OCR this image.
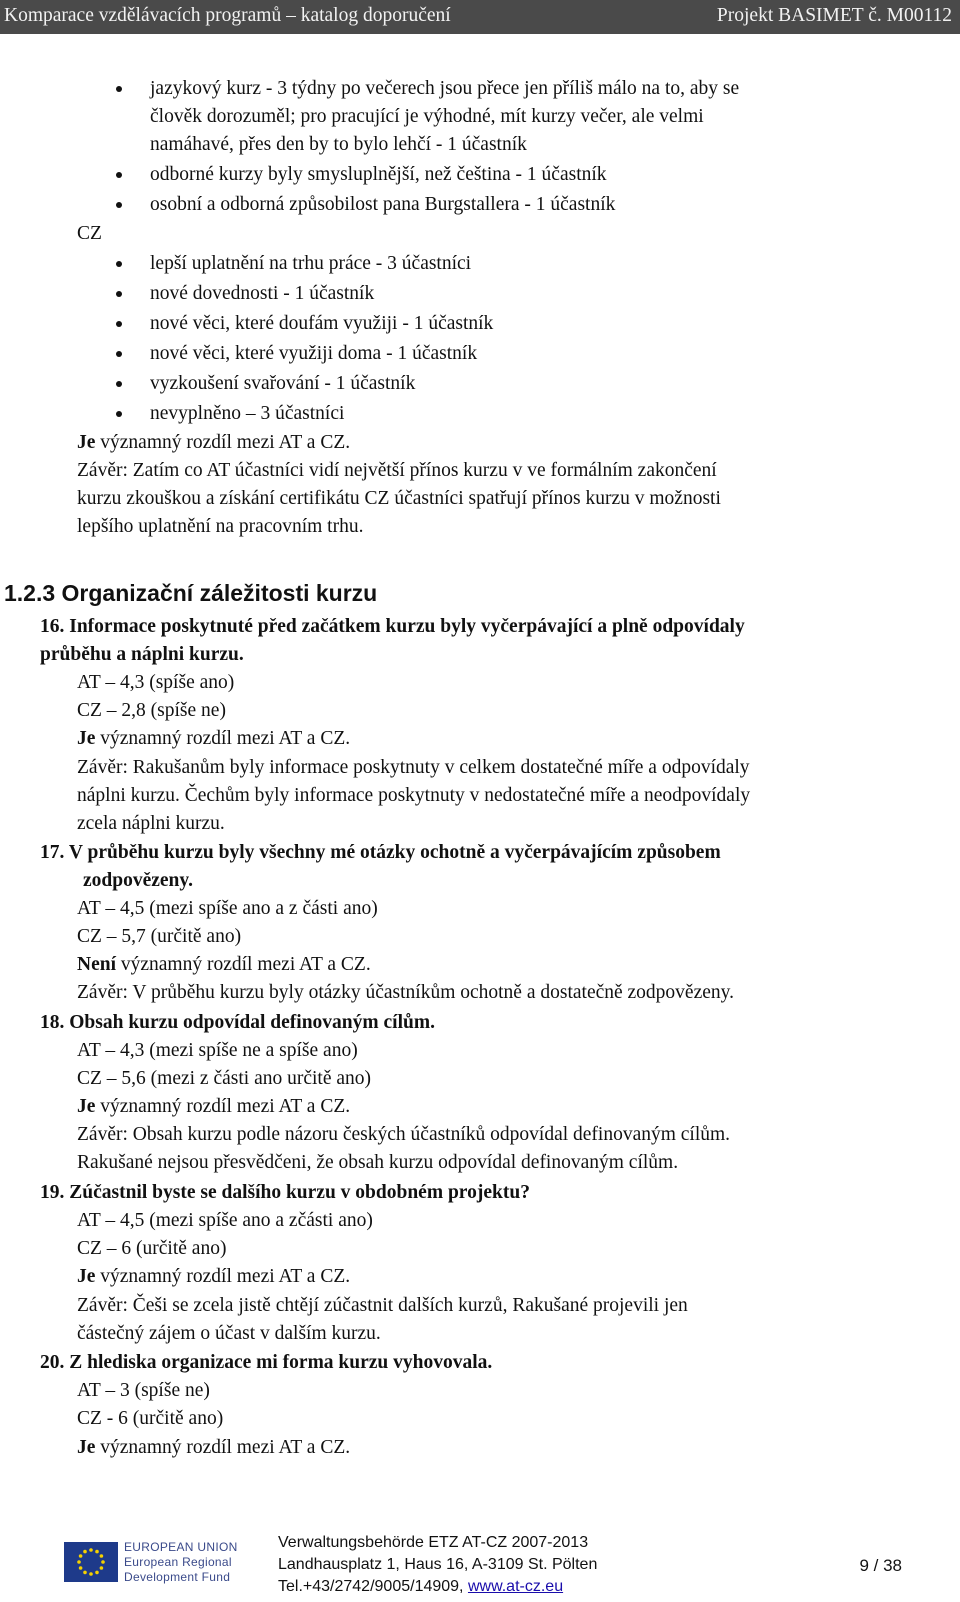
Komparace vzdělávacích programů – katalog doporučení	Projekt BASIMET č. M00112
jazykový kurz - 3 týdny po večerech jsou přece jen příliš málo na to, aby se
člověk dorozuměl; pro pracující je výhodné, mít kurzy večer, ale velmi
namáhavé, přes den by to bylo lehčí - 1 účastník
odborné kurzy byly smysluplnější, než čeština - 1 účastník
osobní a odborná způsobilost pana Burgstallera - 1 účastník
CZ
lepší uplatnění na trhu práce - 3 účastníci
nové dovednosti - 1 účastník
nové věci, které doufám využiji - 1 účastník
nové věci, které využiji doma - 1 účastník
vyzkoušení svařování - 1 účastník
nevyplněno – 3 účastníci
Je významný rozdíl mezi AT a CZ.
Závěr: Zatím co AT účastníci vidí největší přínos kurzu v ve formálním zakončení
kurzu zkouškou a získání certifikátu CZ účastníci spatřují přínos kurzu v možnosti
lepšího uplatnění na pracovním trhu.
1.2.3 Organizační záležitosti kurzu
16. Informace poskytnuté před začátkem kurzu byly vyčerpávající a plně odpovídaly
průběhu a náplni kurzu.
AT – 4,3 (spíše ano)
CZ – 2,8 (spíše ne)
Je významný rozdíl mezi AT a CZ.
Závěr: Rakušanům byly informace poskytnuty v celkem dostatečné míře a odpovídaly
náplni kurzu. Čechům byly informace poskytnuty v nedostatečné míře a neodpovídaly
zcela náplni kurzu.
17. V průběhu kurzu byly všechny mé otázky ochotně a vyčerpávajícím způsobem
zodpovězeny.
AT – 4,5 (mezi spíše ano a z části ano)
CZ – 5,7 (určitě ano)
Není významný rozdíl mezi AT a CZ.
Závěr: V průběhu kurzu byly otázky účastníkům ochotně a dostatečně zodpovězeny.
18. Obsah kurzu odpovídal definovaným cílům.
AT – 4,3 (mezi spíše ne a spíše ano)
CZ – 5,6 (mezi z části ano určitě ano)
Je významný rozdíl mezi AT a CZ.
Závěr: Obsah kurzu podle názoru českých účastníků odpovídal definovaným cílům.
Rakušané nejsou přesvědčeni, že obsah kurzu odpovídal definovaným cílům.
19. Zúčastnil byste se dalšího kurzu v obdobném projektu?
AT – 4,5 (mezi spíše ano a zčásti ano)
CZ – 6 (určitě ano)
Je významný rozdíl mezi AT a CZ.
Závěr: Češi se zcela jistě chtějí zúčastnit dalších kurzů, Rakušané projevili jen
částečný zájem o účast v dalším kurzu.
20. Z hlediska organizace mi forma kurzu vyhovovala.
AT – 3 (spíše ne)
CZ - 6 (určitě ano)
Je významný rozdíl mezi AT a CZ.
EUROPEAN UNION
European Regional
Development Fund
Verwaltungsbehörde ETZ AT-CZ 2007-2013
Landhausplatz 1, Haus 16, A-3109 St. Pölten
Tel.+43/2742/9005/14909, www.at-cz.eu
9 / 38
